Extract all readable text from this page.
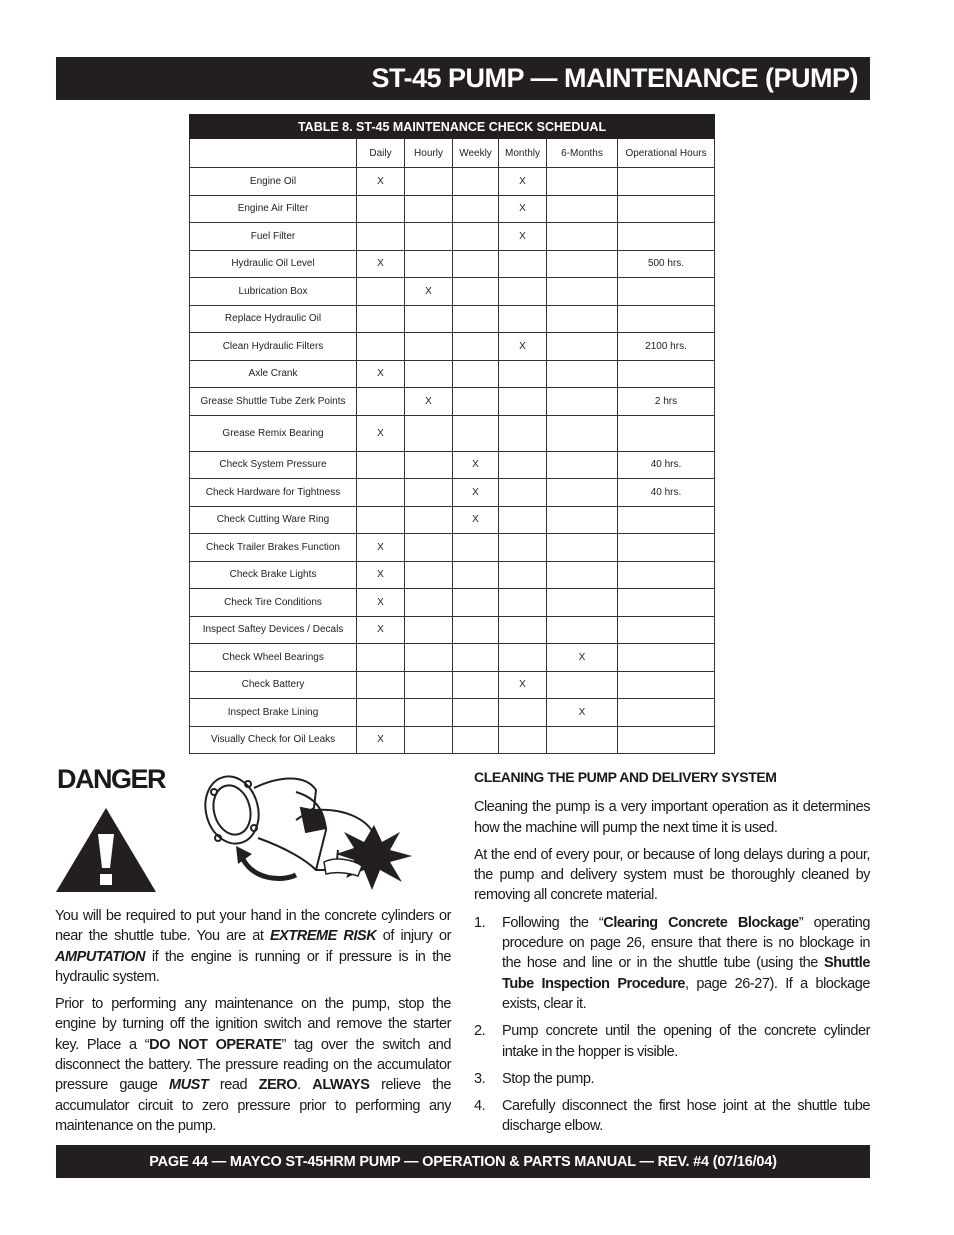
ST-45 PUMP — MAINTENANCE (PUMP)
TABLE 8. ST-45 MAINTENANCE CHECK SCHEDUAL						
	Daily	Hourly	Weekly	Monthly	6-Months	Operational Hours
Engine Oil	X			X		
Engine Air Filter				X		
Fuel Filter				X		
Hydraulic Oil Level	X					500 hrs.
Lubrication Box		X				
Replace Hydraulic Oil						
Clean Hydraulic Filters				X		2100 hrs.
Axle Crank	X					
Grease Shuttle Tube Zerk Points		X				2 hrs
Grease Remix Bearing	X					
Check System Pressure			X			40 hrs.
Check Hardware for Tightness			X			40 hrs.
Check Cutting Ware Ring			X			
Check Trailer Brakes Function	X					
Check Brake Lights	X					
Check Tire Conditions	X					
Inspect Saftey Devices / Decals	X					
Check Wheel Bearings					X	
Check Battery				X		
Inspect Brake Lining					X	
Visually Check for Oil Leaks	X					
DANGER

You will be required to put your hand in the concrete cylinders or near the shuttle tube. You are at EXTREME RISK of injury or AMPUTATION if the engine is running or if pressure is in the hydraulic system.

Prior to performing any maintenance on the pump, stop the engine by turning off the ignition switch and remove the starter key. Place a “DO NOT OPERATE” tag over the switch and disconnect the battery. The pressure reading on the accumulator pressure gauge MUST read ZERO. ALWAYS relieve the accumulator circuit to zero pressure prior to performing any maintenance on the pump.

CLEANING THE PUMP AND DELIVERY SYSTEM

Cleaning the pump is a very important operation as it determines how the machine will pump the next time it is used.

At the end of every pour, or because of long delays during a pour, the pump and delivery system must be thoroughly cleaned by removing all concrete material.

1.	Following the “Clearing Concrete Blockage” operating procedure on page 26, ensure that there is no blockage in the hose and line or in the shuttle tube (using the Shuttle Tube Inspection Procedure, page 26-27). If a blockage exists, clear it.
2.	Pump concrete until the opening of the concrete cylinder intake in the hopper is visible.
3.	Stop the pump.
4.	Carefully disconnect the first hose joint at the shuttle tube discharge elbow.
PAGE 44 — MAYCO ST-45HRM PUMP — OPERATION & PARTS MANUAL — REV. #4 (07/16/04)
